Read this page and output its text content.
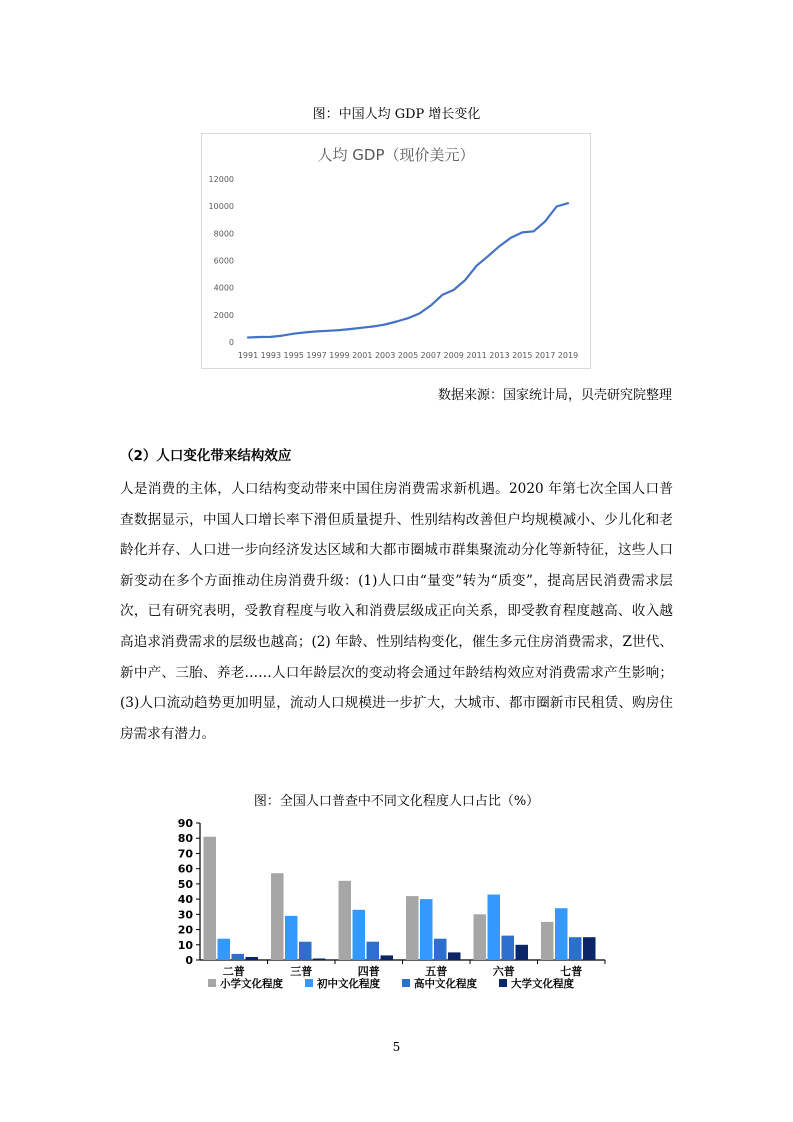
图：中国人均 GDP 增长变化
人均 GDP（现价美元）
0
2000
4000
6000
8000
10000
12000
1991 1993 1995 1997 1999 2001 2003 2005 2007 2009 2011 2013 2015 2017 2019
数据来源：国家统计局，贝壳研究院整理
（2）人口变化带来结构效应

人是消费的主体，人口结构变动带来中国住房消费需求新机遇。2020 年第七次全国人口普查数据显示，中国人口增长率下滑但质量提升、性别结构改善但户均规模减小、少儿化和老龄化并存、人口进一步向经济发达区域和大都市圈城市群集聚流动分化等新特征，这些人口新变动在多个方面推动住房消费升级：(1)人口由“量变”转为“质变”，提高居民消费需求层次，已有研究表明，受教育程度与收入和消费层级成正向关系，即受教育程度越高、收入越高追求消费需求的层级也越高；(2) 年龄、性别结构变化，催生多元住房消费需求，Z世代、新中产、三胎、养老……人口年龄层次的变动将会通过年龄结构效应对消费需求产生影响；(3)人口流动趋势更加明显，流动人口规模进一步扩大，大城市、都市圈新市民租赁、购房住房需求有潜力。

图：全国人口普查中不同文化程度人口占比（%）
0
10
20
30
40
50
60
70
80
90
二普	三普	四普	五普	六普	七普
小学文化程度	初中文化程度	高中文化程度	大学文化程度
5
